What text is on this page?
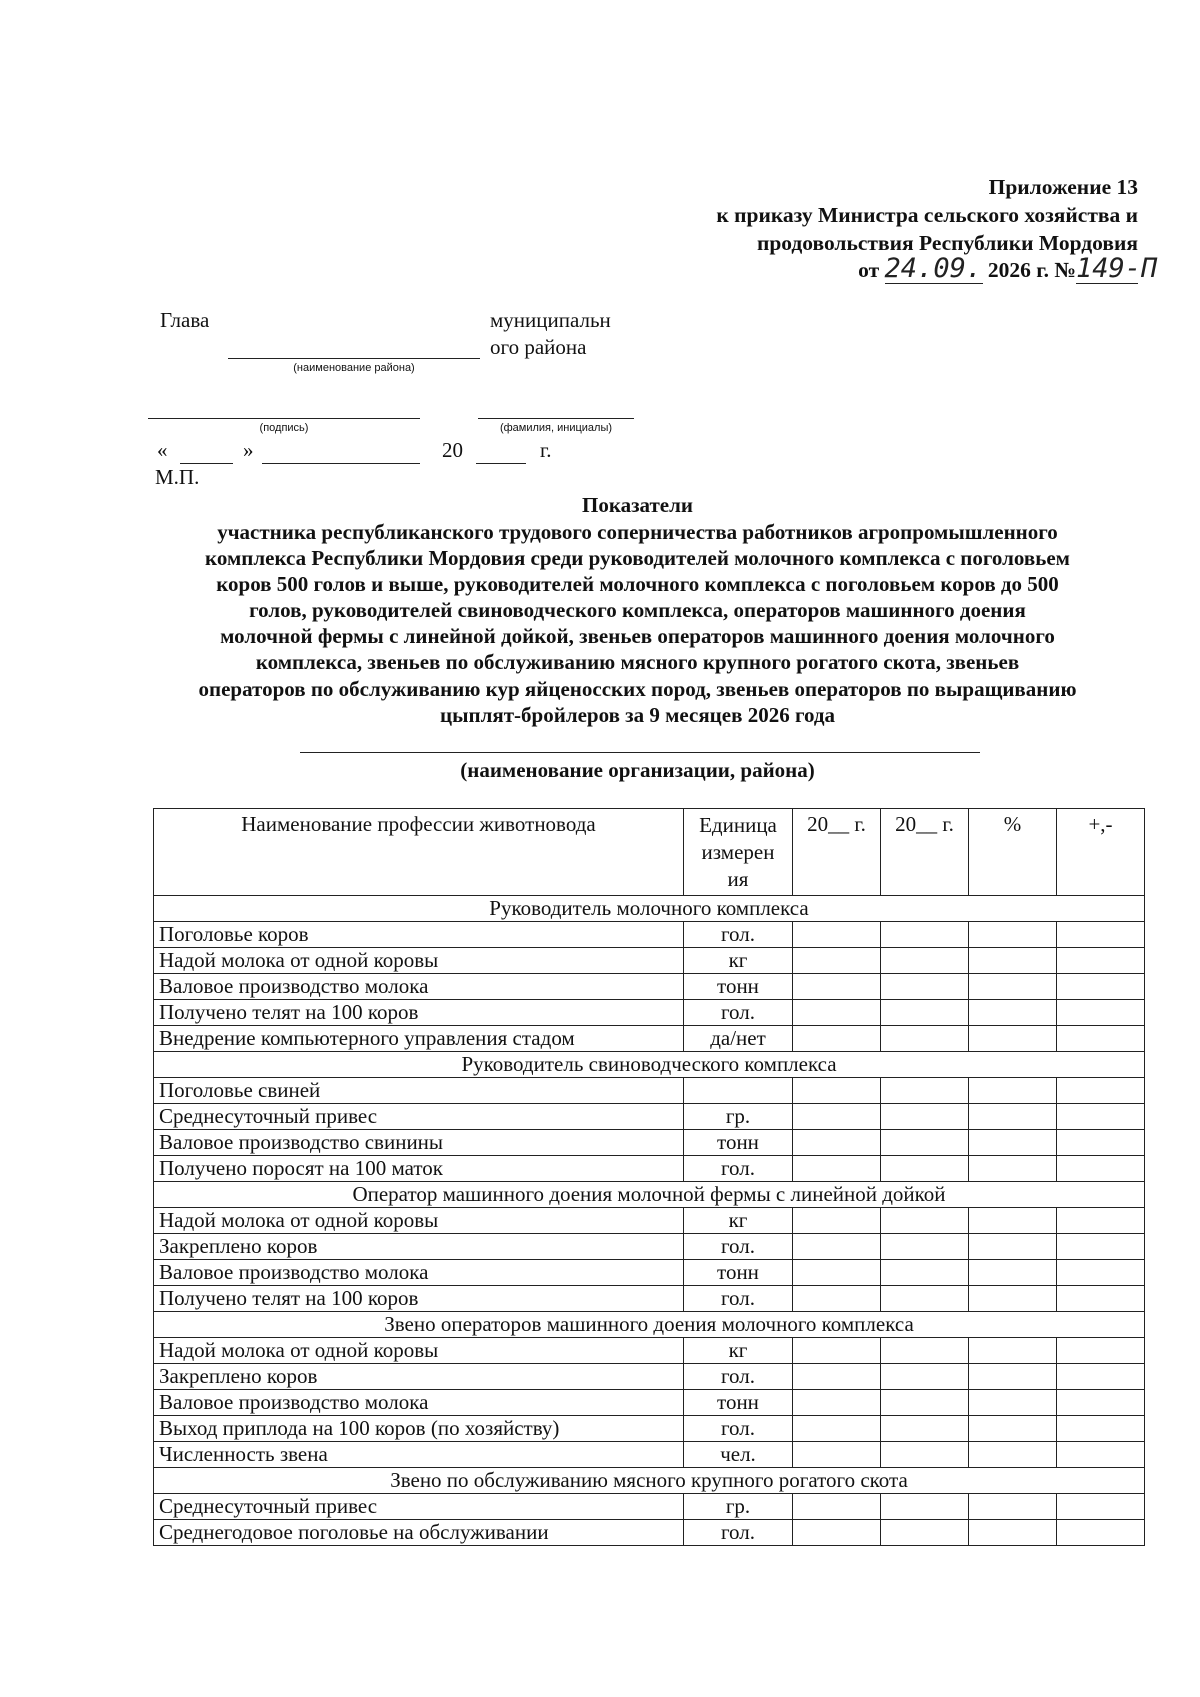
Приложение 13
к приказу Министра сельского хозяйства и
продовольствия Республики Мордовия
от 24.09. 2026 г. №149-П
Глава	муниципальн
ого района
(наименование района)
(подпись)	(фамилия, инициалы)
«	»	20	г.
М.П.
Показатели
участника республиканского трудового соперничества работников агропромышленного
комплекса Республики Мордовия среди руководителей молочного комплекса с поголовьем
коров 500 голов и выше, руководителей молочного комплекса с поголовьем коров до 500
голов, руководителей свиноводческого комплекса, операторов машинного доения
молочной фермы с линейной дойкой, звеньев операторов машинного доения молочного
комплекса, звеньев по обслуживанию мясного крупного рогатого скота, звеньев
операторов по обслуживанию кур яйценосских пород, звеньев операторов по выращиванию
цыплят-бройлеров за 9 месяцев 2026 года
(наименование организации, района)
Наименование профессии животновода	Единица измерен ия	20__ г.	20__ г.	%	+,-
Руководитель молочного комплекса					
Поголовье коров	гол.				
Надой молока от одной коровы	кг				
Валовое производство молока	тонн				
Получено телят на 100 коров	гол.				
Внедрение компьютерного управления стадом	да/нет				
Руководитель свиноводческого комплекса					
Поголовье свиней					
Среднесуточный привес	гр.				
Валовое производство свинины	тонн				
Получено поросят на 100 маток	гол.				
Оператор машинного доения молочной фермы с линейной дойкой					
Надой молока от одной коровы	кг				
Закреплено коров	гол.				
Валовое производство молока	тонн				
Получено телят на 100 коров	гол.				
Звено операторов машинного доения молочного комплекса					
Надой молока от одной коровы	кг				
Закреплено коров	гол.				
Валовое производство молока	тонн				
Выход приплода на 100 коров (по хозяйству)	гол.				
Численность звена	чел.				
Звено по обслуживанию мясного крупного рогатого скота					
Среднесуточный привес	гр.				
Среднегодовое поголовье на обслуживании	гол.				
